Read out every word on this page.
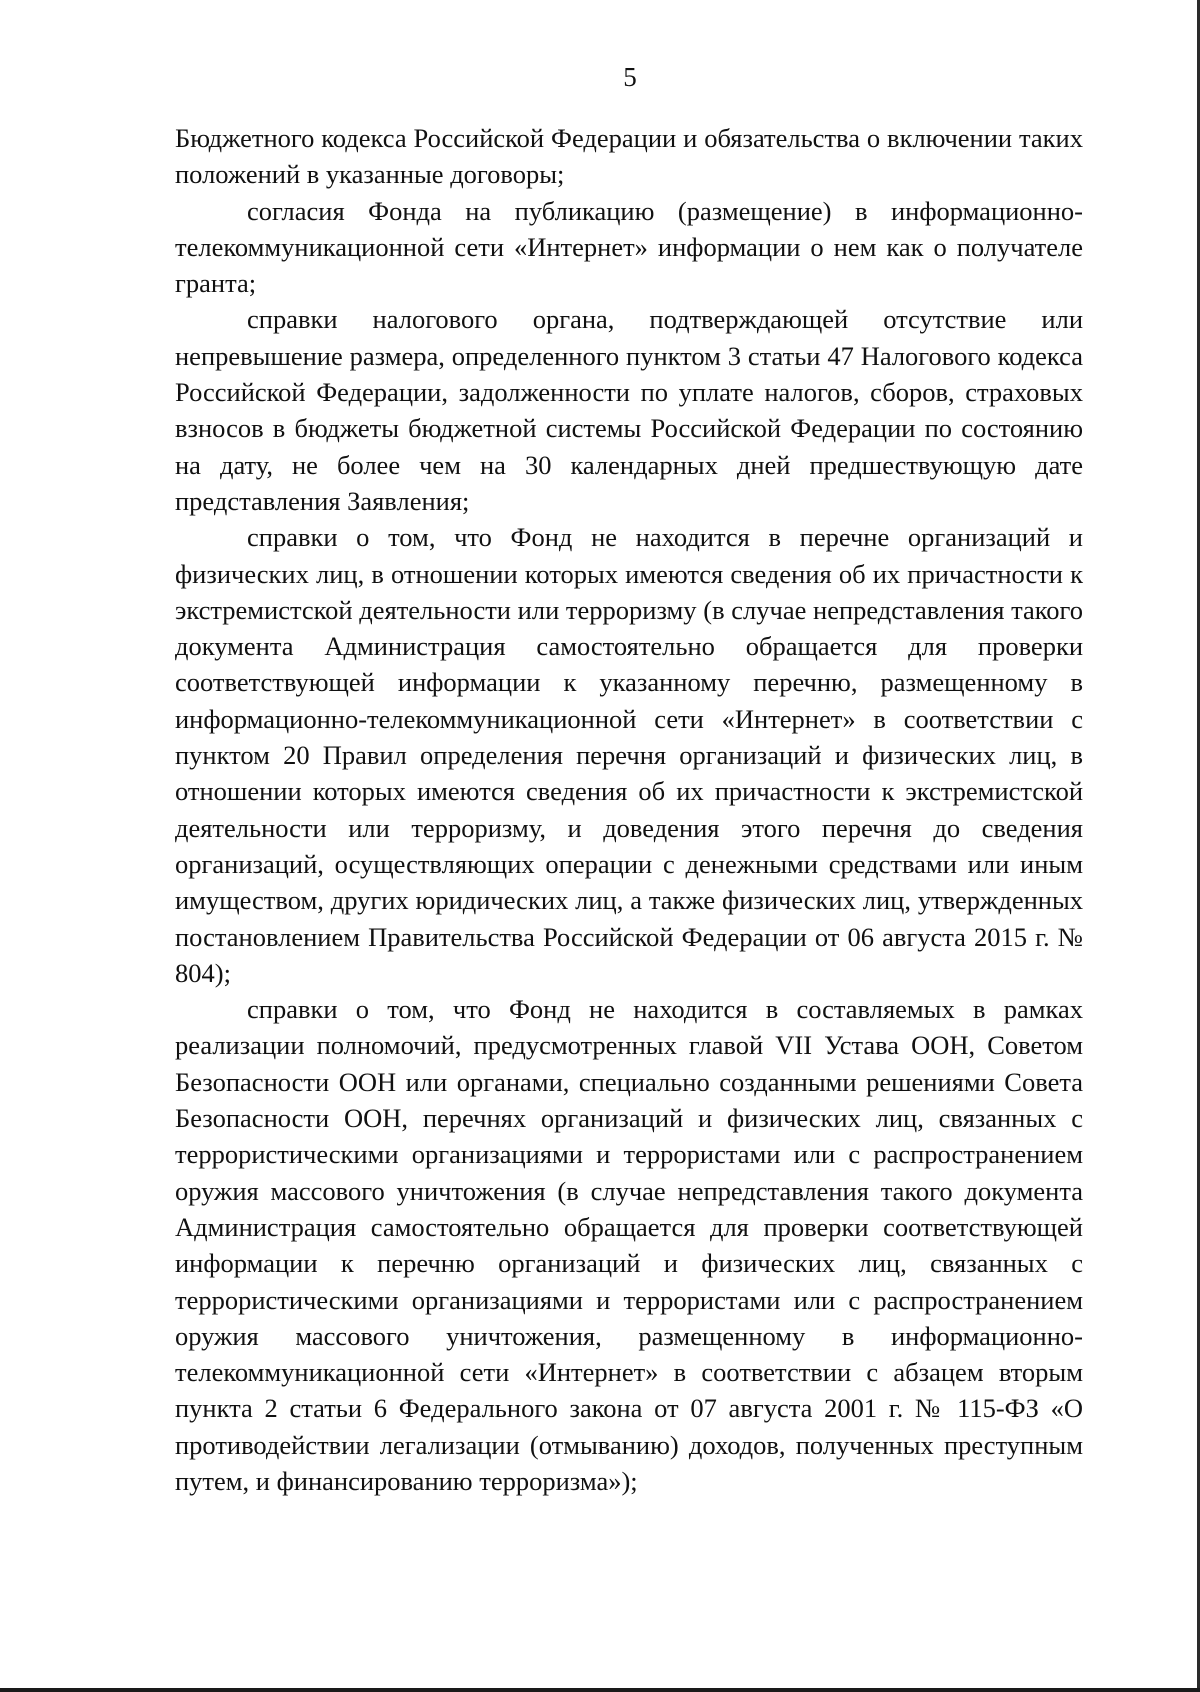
5

Бюджетного кодекса Российской Федерации и обязательства о включении таких положений в указанные договоры;

согласия Фонда на публикацию (размещение) в информационно-телекоммуникационной сети «Интернет» информации о нем как о получателе гранта;

справки налогового органа, подтверждающей отсутствие или непревышение размера, определенного пунктом 3 статьи 47 Налогового кодекса Российской Федерации, задолженности по уплате налогов, сборов, страховых взносов в бюджеты бюджетной системы Российской Федерации по состоянию на дату, не более чем на 30 календарных дней предшествующую дате представления Заявления;

справки о том, что Фонд не находится в перечне организаций и физических лиц, в отношении которых имеются сведения об их причастности к экстремистской деятельности или терроризму (в случае непредставления такого документа Администрация самостоятельно обращается для проверки соответствующей информации к указанному перечню, размещенному в информационно-телекоммуникационной сети «Интернет» в соответствии с пунктом 20 Правил определения перечня организаций и физических лиц, в отношении которых имеются сведения об их причастности к экстремистской деятельности или терроризму, и доведения этого перечня до сведения организаций, осуществляющих операции с денежными средствами или иным имуществом, других юридических лиц, а также физических лиц, утвержденных постановлением Правительства Российской Федерации от 06 августа 2015 г. № 804);

справки о том, что Фонд не находится в составляемых в рамках реализации полномочий, предусмотренных главой VII Устава ООН, Советом Безопасности ООН или органами, специально созданными решениями Совета Безопасности ООН, перечнях организаций и физических лиц, связанных с террористическими организациями и террористами или с распространением оружия массового уничтожения (в случае непредставления такого документа Администрация самостоятельно обращается для проверки соответствующей информации к перечню организаций и физических лиц, связанных с террористическими организациями и террористами или с распространением оружия массового уничтожения, размещенному в информационно-телекоммуникационной сети «Интернет» в соответствии с абзацем вторым пункта 2 статьи 6 Федерального закона от 07 августа 2001 г. № 115-ФЗ «О противодействии легализации (отмыванию) доходов, полученных преступным путем, и финансированию терроризма»);
